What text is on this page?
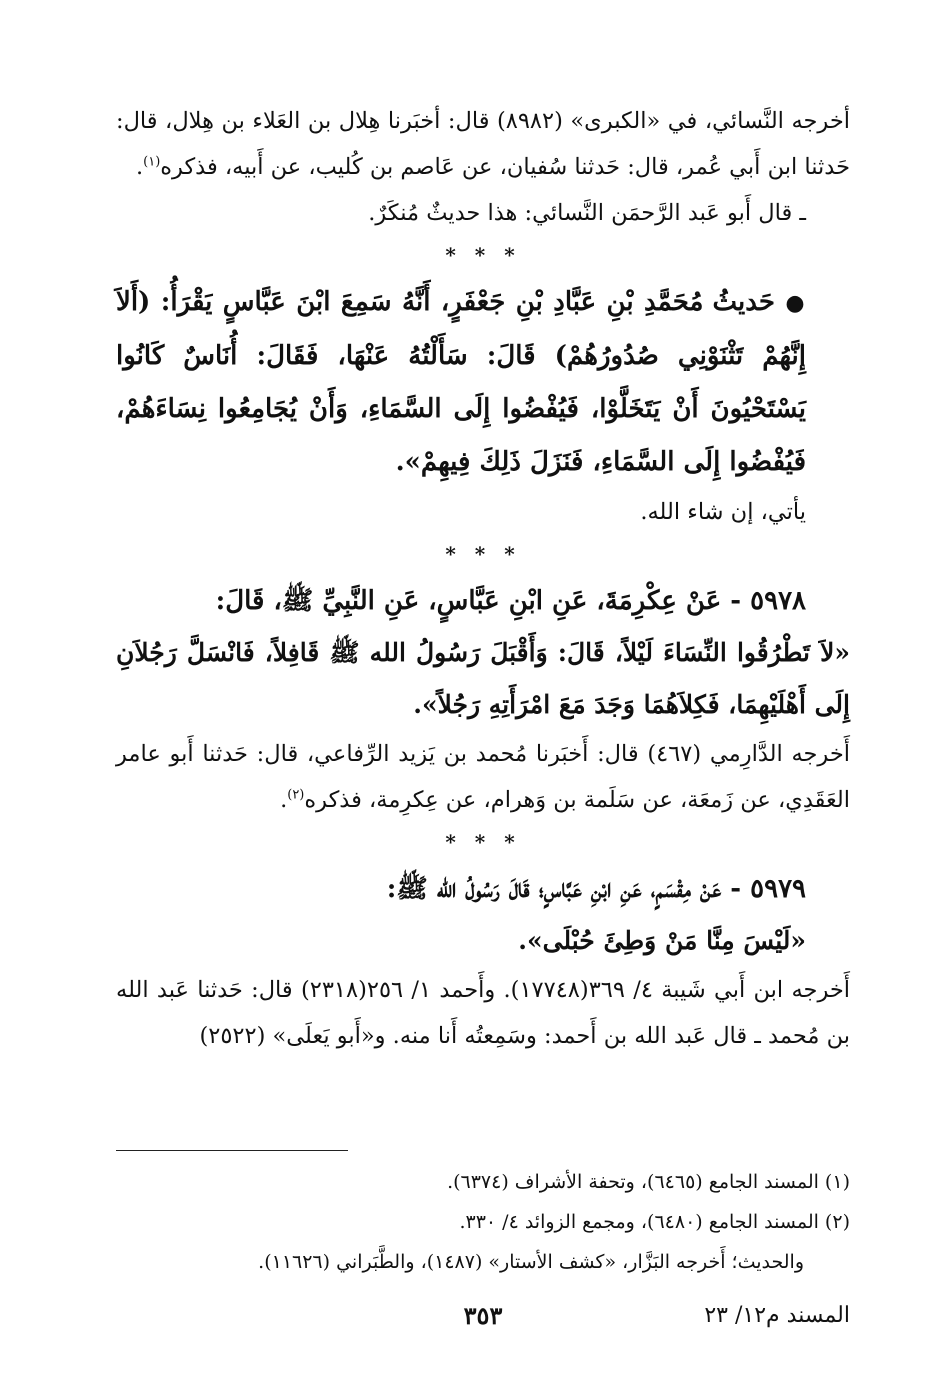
أخرجه النَّسائي، في «الكبرى» (٨٩٨٢) قال: أخبَرنا هِلال بن العَلاء بن هِلال، قال: حَدثنا ابن أَبي عُمر، قال: حَدثنا سُفيان، عن عَاصم بن كُليب، عن أَبيه، فذكره$^{(١)}$.

ـ قال أَبو عَبد الرَّحمَن النَّسائي: هذا حديثٌ مُنكَرٌ.

* * *

● حَديثُ مُحَمَّدِ بْنِ عَبَّادِ بْنِ جَعْفَرٍ، أَنَّهُ سَمِعَ ابْنَ عَبَّاسٍ يَقْرَأُ: (أَلاَ إِنَّهُمْ تَثْنَوْنِي صُدُورُهُمْ) قَالَ: سَأَلْتُهُ عَنْهَا، فَقَالَ: أُنَاسٌ كَانُوا يَسْتَحْيُونَ أَنْ يَتَخَلَّوْا، فَيُفْضُوا إِلَى السَّمَاءِ، وَأَنْ يُجَامِعُوا نِسَاءَهُمْ، فَيُفْضُوا إِلَى السَّمَاءِ، فَنَزَلَ ذَلِكَ فِيهِمْ».

يأتي، إن شاء الله.

* * *

٥٩٧٨ - عَنْ عِكْرِمَةَ، عَنِ ابْنِ عَبَّاسٍ، عَنِ النَّبِيِّ ﷺ، قَالَ:

«لاَ تَطْرُقُوا النِّسَاءَ لَيْلاً، قَالَ: وَأَقْبَلَ رَسُولُ الله ﷺ قَافِلاً، فَانْسَلَّ رَجُلاَنِ إِلَى أَهْلَيْهِمَا، فَكِلاَهُمَا وَجَدَ مَعَ امْرَأَتِهِ رَجُلاً».

أَخرجه الدَّارِمي (٤٦٧) قال: أَخبَرنا مُحمد بن يَزيد الرِّفاعي، قال: حَدثنا أَبو عامر العَقَدِي، عن زَمعَة، عن سَلَمة بن وَهرام، عن عِكرِمة، فذكره$^{(٢)}$.

* * *

٥٩٧٩ - عَنْ مِقْسَمٍ، عَنِ ابْنِ عَبَّاسٍ؛ قَالَ رَسُولُ الله ﷺ:

«لَيْسَ مِنَّا مَنْ وَطِئَ حُبْلَى».

أَخرجه ابن أَبي شَيبة ٤/ ٣٦٩(١٧٧٤٨). وأَحمد ١/ ٢٥٦(٢٣١٨) قال: حَدثنا عَبد الله بن مُحمد ـ قال عَبد الله بن أَحمد: وسَمِعتُه أَنا منه. و«أَبو يَعلَى» (٢٥٢٢)

(١) المسند الجامع (٦٤٦٥)، وتحفة الأشراف (٦٣٧٤).

(٢) المسند الجامع (٦٤٨٠)، ومجمع الزوائد ٤/ ٣٣٠.

والحديث؛ أَخرجه البَزَّار، «كشف الأستار» (١٤٨٧)، والطَّبَراني (١١٦٢٦).

المسند م١٢/ ٢٣
٣٥٣
